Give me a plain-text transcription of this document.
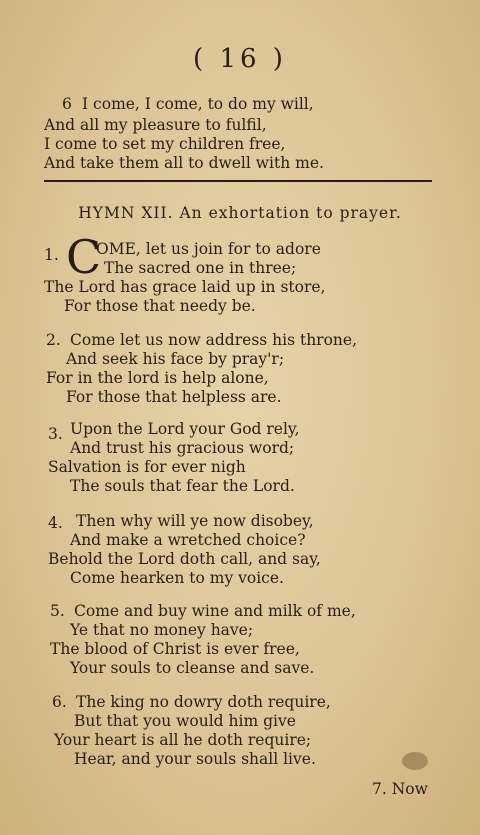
( 16 )
6 I come, I come, to do my will,
And all my pleasure to fulfil,
I come to set my children free,
And take them all to dwell with me.
HYMN XII. An exhortation to prayer.
1. C
OME, let us join for to adore
The sacred one in three;
The Lord has grace laid up in store,
For those that needy be.
2. Come let us now address his throne,
And seek his face by pray'r;
For in the lord is help alone,
For those that helpless are.
3. Upon the Lord your God rely,
And trust his gracious word;
Salvation is for ever nigh
The souls that fear the Lord.
4. Then why will ye now disobey,
And make a wretched choice?
Behold the Lord doth call, and say,
Come hearken to my voice.
5. Come and buy wine and milk of me,
Ye that no money have;
The blood of Christ is ever free,
Your souls to cleanse and save.
6. The king no dowry doth require,
But that you would him give
Your heart is all he doth require;
Hear, and your souls shall live.
7. Now
